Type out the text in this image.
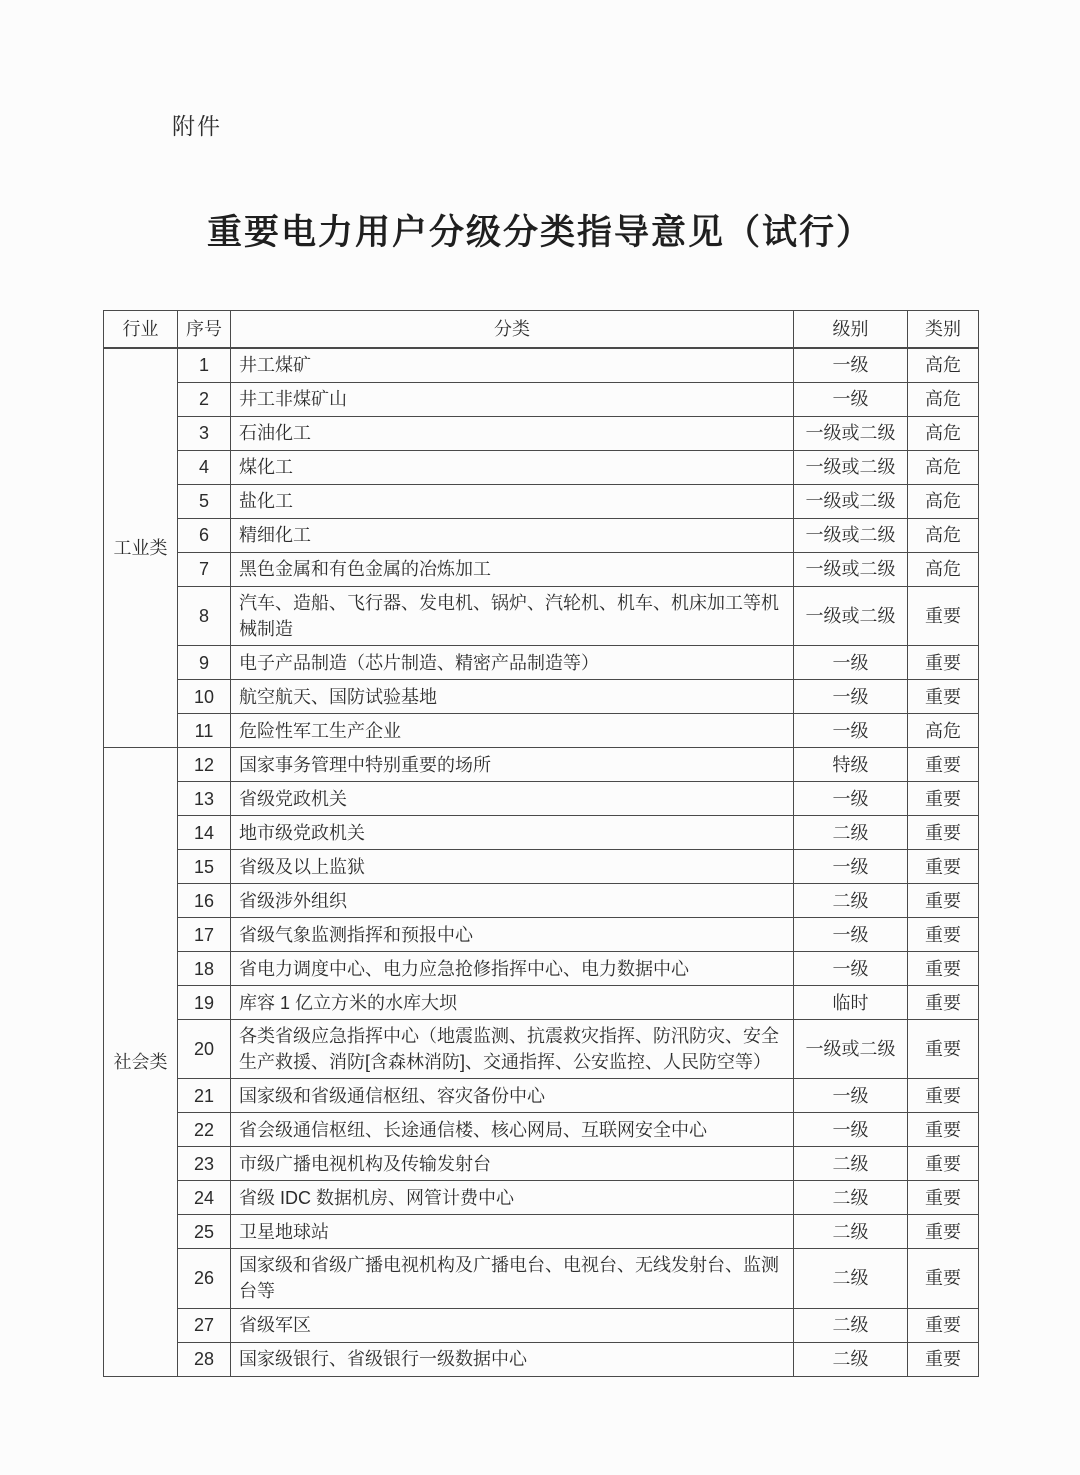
附件
重要电力用户分级分类指导意见（试行）
行业	序号	分类	级别	类别
工业类	1	井工煤矿	一级	高危
	2	井工非煤矿山	一级	高危
	3	石油化工	一级或二级	高危
	4	煤化工	一级或二级	高危
	5	盐化工	一级或二级	高危
	6	精细化工	一级或二级	高危
	7	黑色金属和有色金属的冶炼加工	一级或二级	高危
	8	汽车、造船、飞行器、发电机、锅炉、汽轮机、机车、机床加工等机械制造	一级或二级	重要
	9	电子产品制造（芯片制造、精密产品制造等）	一级	重要
	10	航空航天、国防试验基地	一级	重要
	11	危险性军工生产企业	一级	高危
社会类	12	国家事务管理中特别重要的场所	特级	重要
	13	省级党政机关	一级	重要
	14	地市级党政机关	二级	重要
	15	省级及以上监狱	一级	重要
	16	省级涉外组织	二级	重要
	17	省级气象监测指挥和预报中心	一级	重要
	18	省电力调度中心、电力应急抢修指挥中心、电力数据中心	一级	重要
	19	库容 1 亿立方米的水库大坝	临时	重要
	20	各类省级应急指挥中心（地震监测、抗震救灾指挥、防汛防灾、安全生产救援、消防[含森林消防]、交通指挥、公安监控、人民防空等）	一级或二级	重要
	21	国家级和省级通信枢纽、容灾备份中心	一级	重要
	22	省会级通信枢纽、长途通信楼、核心网局、互联网安全中心	一级	重要
	23	市级广播电视机构及传输发射台	二级	重要
	24	省级 IDC 数据机房、网管计费中心	二级	重要
	25	卫星地球站	二级	重要
	26	国家级和省级广播电视机构及广播电台、电视台、无线发射台、监测台等	二级	重要
	27	省级军区	二级	重要
	28	国家级银行、省级银行一级数据中心	二级	重要
